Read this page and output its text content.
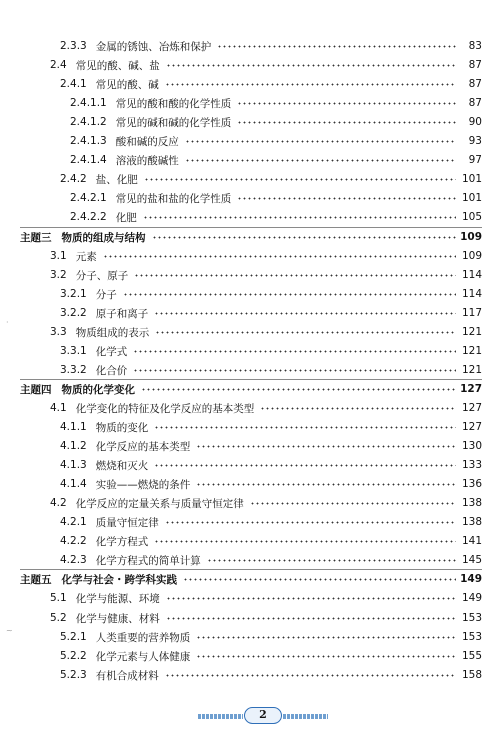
2.3.3 金属的锈蚀、冶炼和保护	83
2.4 常见的酸、碱、盐	87
2.4.1 常见的酸、碱	87
2.4.1.1 常见的酸和酸的化学性质	87
2.4.1.2 常见的碱和碱的化学性质	90
2.4.1.3 酸和碱的反应	93
2.4.1.4 溶液的酸碱性	97
2.4.2 盐、化肥	101
2.4.2.1 常见的盐和盐的化学性质	101
2.4.2.2 化肥	105
主题三 物质的组成与结构	109
3.1 元素	109
3.2 分子、原子	114
3.2.1 分子	114
3.2.2 原子和离子	117
3.3 物质组成的表示	121
3.3.1 化学式	121
3.3.2 化合价	121
主题四 物质的化学变化	127
4.1 化学变化的特征及化学反应的基本类型	127
4.1.1 物质的变化	127
4.1.2 化学反应的基本类型	130
4.1.3 燃烧和灭火	133
4.1.4 实验——燃烧的条件	136
4.2 化学反应的定量关系与质量守恒定律	138
4.2.1 质量守恒定律	138
4.2.2 化学方程式	141
4.2.3 化学方程式的简单计算	145
主题五 化学与社会・跨学科实践	149
5.1 化学与能源、环境	149
5.2 化学与健康、材料	153
5.2.1 人类重要的营养物质	153
5.2.2 化学元素与人体健康	155
5.2.3 有机合成材料	158
·
~
2
